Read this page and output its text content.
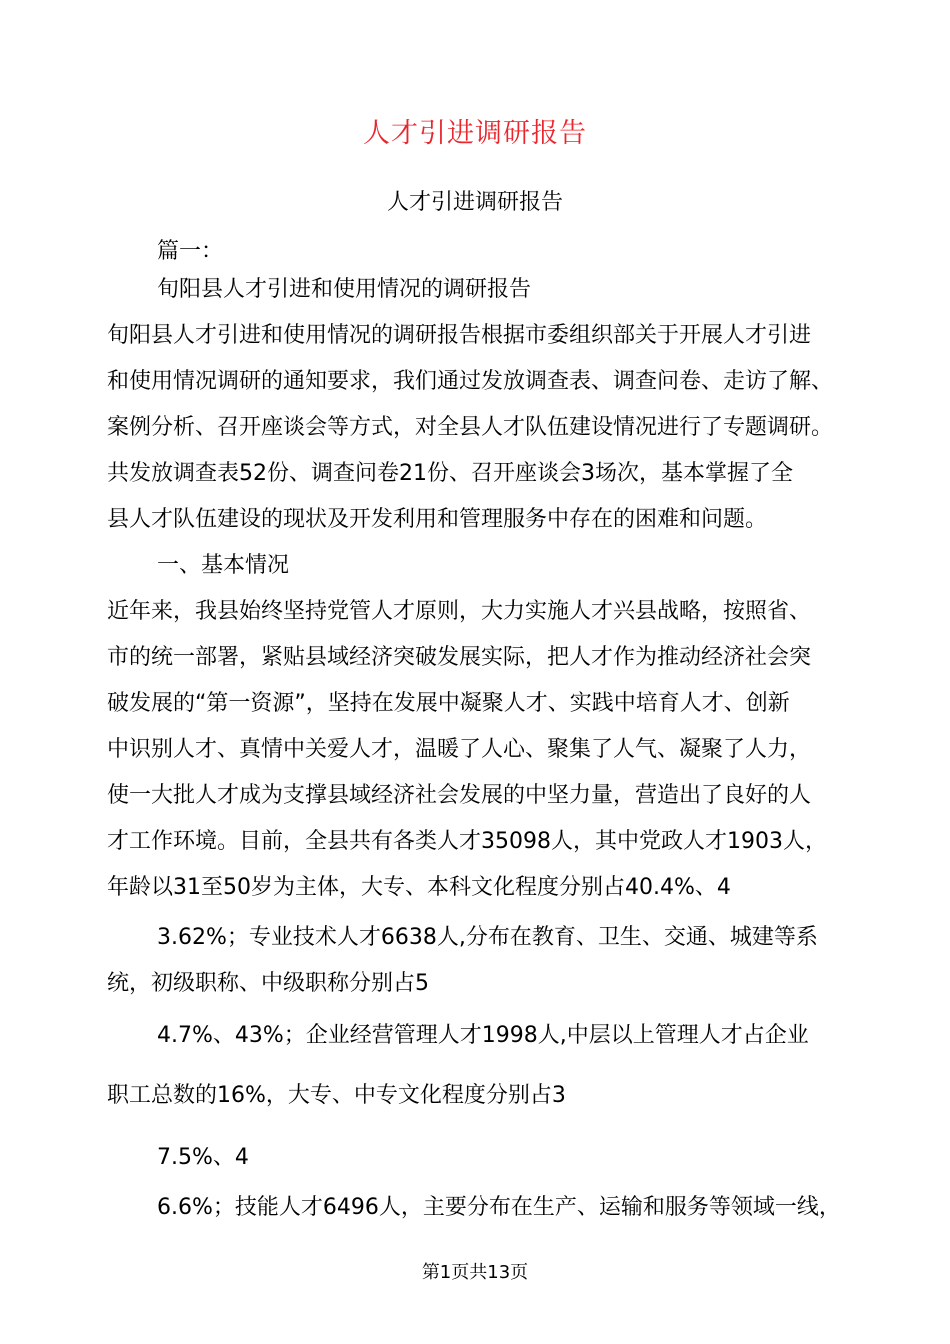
人才引进调研报告
人才引进调研报告
篇一：
旬阳县人才引进和使用情况的调研报告
旬阳县人才引进和使用情况的调研报告根据市委组织部关于开展人才引进
和使用情况调研的通知要求，我们通过发放调查表、调查问卷、走访了解、
案例分析、召开座谈会等方式，对全县人才队伍建设情况进行了专题调研。
共发放调查表52份、调查问卷21份、召开座谈会3场次，基本掌握了全
县人才队伍建设的现状及开发利用和管理服务中存在的困难和问题。
一、基本情况
近年来，我县始终坚持党管人才原则，大力实施人才兴县战略，按照省、
市的统一部署，紧贴县域经济突破发展实际，把人才作为推动经济社会突
破发展的“第一资源”，坚持在发展中凝聚人才、实践中培育人才、创新
中识别人才、真情中关爱人才，温暖了人心、聚集了人气、凝聚了人力，
使一大批人才成为支撑县域经济社会发展的中坚力量，营造出了良好的人
才工作环境。目前，全县共有各类人才35098人，其中党政人才1903人，
年龄以31至50岁为主体，大专、本科文化程度分别占40.4%、4
3.62%；专业技术人才6638人,分布在教育、卫生、交通、城建等系
统，初级职称、中级职称分别占5
4.7%、43%；企业经营管理人才1998人,中层以上管理人才占企业
职工总数的16%，大专、中专文化程度分别占3
7.5%、4
6.6%；技能人才6496人，主要分布在生产、运输和服务等领域一线，
第1页共13页
